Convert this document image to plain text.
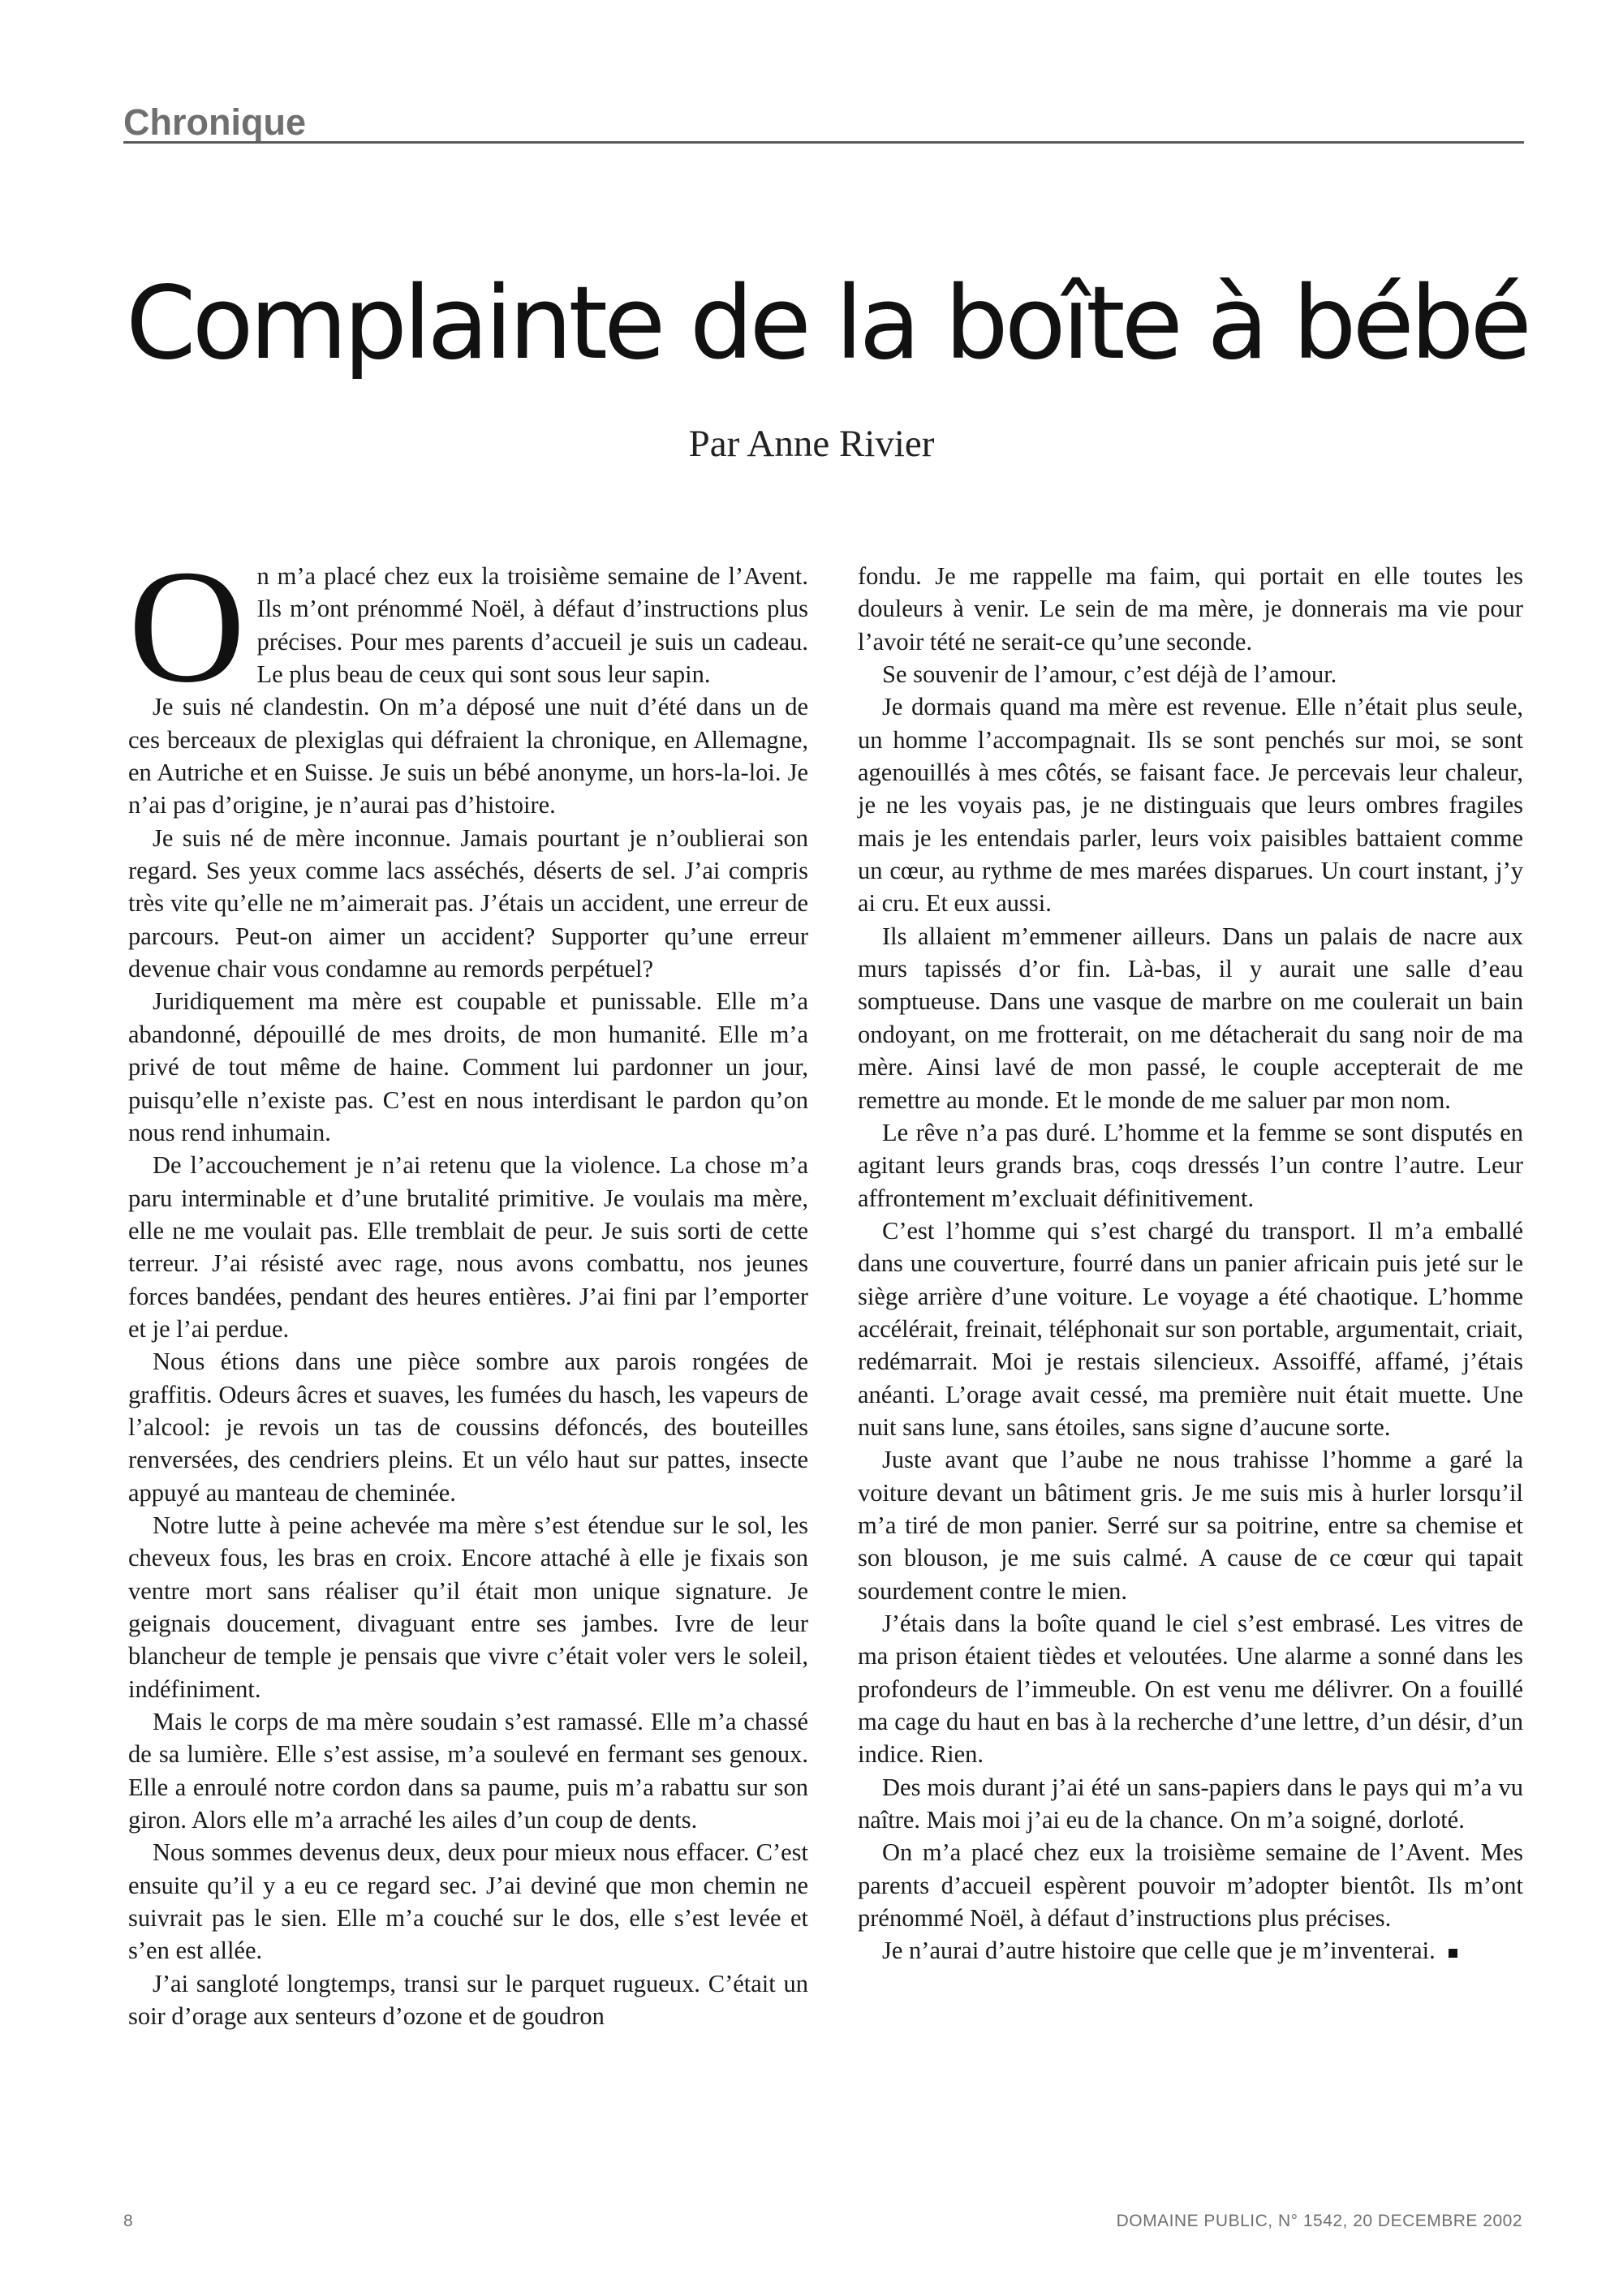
Chronique
Complainte de la boîte à bébé
Par Anne Rivier

On m’a placé chez eux la troisième semaine de l’Avent. Ils m’ont prénommé Noël, à défaut d’instructions plus précises. Pour mes parents d’accueil je suis un cadeau. Le plus beau de ceux qui sont sous leur sapin.

Je suis né clandestin. On m’a déposé une nuit d’été dans un de ces berceaux de plexiglas qui défraient la chronique, en Allemagne, en Autriche et en Suisse. Je suis un bébé anonyme, un hors-la-loi. Je n’ai pas d’origine, je n’aurai pas d’histoire.

Je suis né de mère inconnue. Jamais pourtant je n’oublierai son regard. Ses yeux comme lacs asséchés, déserts de sel. J’ai compris très vite qu’elle ne m’aimerait pas. J’étais un accident, une erreur de parcours. Peut-on aimer un accident? Supporter qu’une erreur devenue chair vous condamne au remords perpétuel?

Juridiquement ma mère est coupable et punissable. Elle m’a abandonné, dépouillé de mes droits, de mon humanité. Elle m’a privé de tout même de haine. Comment lui pardonner un jour, puisqu’elle n’existe pas. C’est en nous interdisant le pardon qu’on nous rend inhumain.

De l’accouchement je n’ai retenu que la violence. La chose m’a paru interminable et d’une brutalité primitive. Je voulais ma mère, elle ne me voulait pas. Elle tremblait de peur. Je suis sorti de cette terreur. J’ai résisté avec rage, nous avons combattu, nos jeunes forces bandées, pendant des heures entières. J’ai fini par l’emporter et je l’ai perdue.

Nous étions dans une pièce sombre aux parois rongées de graffitis. Odeurs âcres et suaves, les fumées du hasch, les vapeurs de l’alcool: je revois un tas de coussins défoncés, des bouteilles renversées, des cendriers pleins. Et un vélo haut sur pattes, insecte appuyé au manteau de cheminée.

Notre lutte à peine achevée ma mère s’est étendue sur le sol, les cheveux fous, les bras en croix. Encore attaché à elle je fixais son ventre mort sans réaliser qu’il était mon unique signature. Je geignais doucement, divaguant entre ses jambes. Ivre de leur blancheur de temple je pensais que vivre c’était voler vers le soleil, indéfiniment.

Mais le corps de ma mère soudain s’est ramassé. Elle m’a chassé de sa lumière. Elle s’est assise, m’a soulevé en fermant ses genoux. Elle a enroulé notre cordon dans sa paume, puis m’a rabattu sur son giron. Alors elle m’a arraché les ailes d’un coup de dents.

Nous sommes devenus deux, deux pour mieux nous effacer. C’est ensuite qu’il y a eu ce regard sec. J’ai deviné que mon chemin ne suivrait pas le sien. Elle m’a couché sur le dos, elle s’est levée et s’en est allée.

J’ai sangloté longtemps, transi sur le parquet rugueux. C’était un soir d’orage aux senteurs d’ozone et de goudron

fondu. Je me rappelle ma faim, qui portait en elle toutes les douleurs à venir. Le sein de ma mère, je donnerais ma vie pour l’avoir tété ne serait-ce qu’une seconde.

Se souvenir de l’amour, c’est déjà de l’amour.

Je dormais quand ma mère est revenue. Elle n’était plus seule, un homme l’accompagnait. Ils se sont penchés sur moi, se sont agenouillés à mes côtés, se faisant face. Je percevais leur chaleur, je ne les voyais pas, je ne distinguais que leurs ombres fragiles mais je les entendais parler, leurs voix paisibles battaient comme un cœur, au rythme de mes marées disparues. Un court instant, j’y ai cru. Et eux aussi.

Ils allaient m’emmener ailleurs. Dans un palais de nacre aux murs tapissés d’or fin. Là-bas, il y aurait une salle d’eau somptueuse. Dans une vasque de marbre on me coulerait un bain ondoyant, on me frotterait, on me détacherait du sang noir de ma mère. Ainsi lavé de mon passé, le couple accepterait de me remettre au monde. Et le monde de me saluer par mon nom.

Le rêve n’a pas duré. L’homme et la femme se sont disputés en agitant leurs grands bras, coqs dressés l’un contre l’autre. Leur affrontement m’excluait définitivement.

C’est l’homme qui s’est chargé du transport. Il m’a emballé dans une couverture, fourré dans un panier africain puis jeté sur le siège arrière d’une voiture. Le voyage a été chaotique. L’homme accélérait, freinait, téléphonait sur son portable, argumentait, criait, redémarrait. Moi je restais silencieux. Assoiffé, affamé, j’étais anéanti. L’orage avait cessé, ma première nuit était muette. Une nuit sans lune, sans étoiles, sans signe d’aucune sorte.

Juste avant que l’aube ne nous trahisse l’homme a garé la voiture devant un bâtiment gris. Je me suis mis à hurler lorsqu’il m’a tiré de mon panier. Serré sur sa poitrine, entre sa chemise et son blouson, je me suis calmé. A cause de ce cœur qui tapait sourdement contre le mien.

J’étais dans la boîte quand le ciel s’est embrasé. Les vitres de ma prison étaient tièdes et veloutées. Une alarme a sonné dans les profondeurs de l’immeuble. On est venu me délivrer. On a fouillé ma cage du haut en bas à la recherche d’une lettre, d’un désir, d’un indice. Rien.

Des mois durant j’ai été un sans-papiers dans le pays qui m’a vu naître. Mais moi j’ai eu de la chance. On m’a soigné, dorloté.

On m’a placé chez eux la troisième semaine de l’Avent. Mes parents d’accueil espèrent pouvoir m’adopter bientôt. Ils m’ont prénommé Noël, à défaut d’instructions plus précises.

Je n’aurai d’autre histoire que celle que je m’inventerai.

8	DOMAINE PUBLIC, N° 1542, 20 DECEMBRE 2002
